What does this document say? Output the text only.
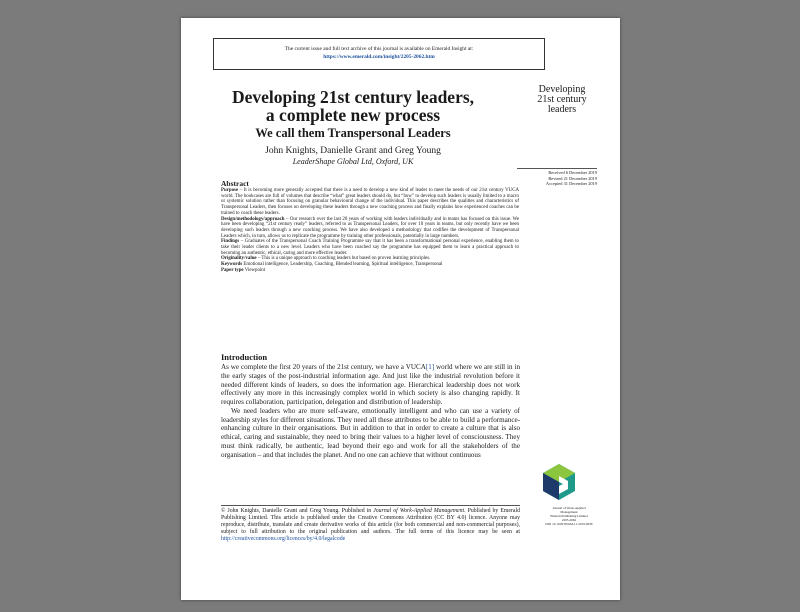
The current issue and full text archive of this journal is available on Emerald Insight at:
https://www.emerald.com/insight/2205-2062.htm
Developing 21st century leaders,
a complete new process
We call them Transpersonal Leaders
John Knights, Danielle Grant and Greg Young
LeaderShape Global Ltd, Oxford, UK
Developing
21st century
leaders
Received 6 December 2019
Revised 21 December 2019
Accepted 31 December 2019
Abstract

Purpose – It is becoming more generally accepted that there is a need to develop a new kind of leader to meet the needs of our 21st century VUCA world. The bookcases are full of volumes that describe “what” great leaders should do, but “how” to develop such leaders is usually limited to a macro or systemic solution rather than focusing on granular behavioural change of the individual. This paper describes the qualities and characteristics of Transpersonal Leaders, then focuses on developing these leaders through a new coaching process and finally explains how experienced coaches can be trained to coach these leaders.

Design/methodology/approach – Our research over the last 20 years of working with leaders individually and in teams has focused on this issue. We have been developing “21st century ready” leaders, referred to as Transpersonal Leaders, for over 10 years in teams, but only recently have we been developing such leaders through a new coaching process. We have also developed a methodology that codifies the development of Transpersonal Leaders which, in turn, allows us to replicate the programme by training other professionals, potentially in large numbers.

Findings – Graduates of the Transpersonal Coach Training Programme say that it has been a transformational personal experience, enabling them to take their leader clients to a new level. Leaders who have been coached say the programme has equipped them to learn a practical approach to becoming an authentic, ethical, caring and more effective leader.

Originality/value – This is a unique approach to coaching leaders but based on proven learning principles.

Keywords Emotional intelligence, Leadership, Coaching, Blended learning, Spiritual intelligence, Transpersonal

Paper type Viewpoint

Introduction

As we complete the first 20 years of the 21st century, we have a VUCA[1] world where we are still in in the early stages of the post-industrial information age. And just like the industrial revolution before it needed different kinds of leaders, so does the information age. Hierarchical leadership does not work effectively any more in this increasingly complex world in which society is also changing rapidly. It requires collaboration, participation, delegation and distribution of leadership.

We need leaders who are more self-aware, emotionally intelligent and who can use a variety of leadership styles for different situations. They need all these attributes to be able to build a performance-enhancing culture in their organisations. But in addition to that in order to create a culture that is also ethical, caring and sustainable, they need to bring their values to a higher level of consciousness. They must think radically, be authentic, lead beyond their ego and work for all the stakeholders of the organisation – and that includes the planet. And no one can achieve that without continuous

© John Knights, Danielle Grant and Greg Young. Published in Journal of Work-Applied Management. Published by Emerald Publishing Limited. This article is published under the Creative Commons Attribution (CC BY 4.0) licence. Anyone may reproduce, distribute, translate and create derivative works of this article (for both commercial and non-commercial purposes), subject to full attribution to the original publication and authors. The full terms of this licence may be seen at http://creativecommons.org/licences/by/4.0/legalcode
Journal of Work-Applied
Management
Emerald Publishing Limited
2205-2062
DOI 10.1108/JWAM-11-2019-0036
